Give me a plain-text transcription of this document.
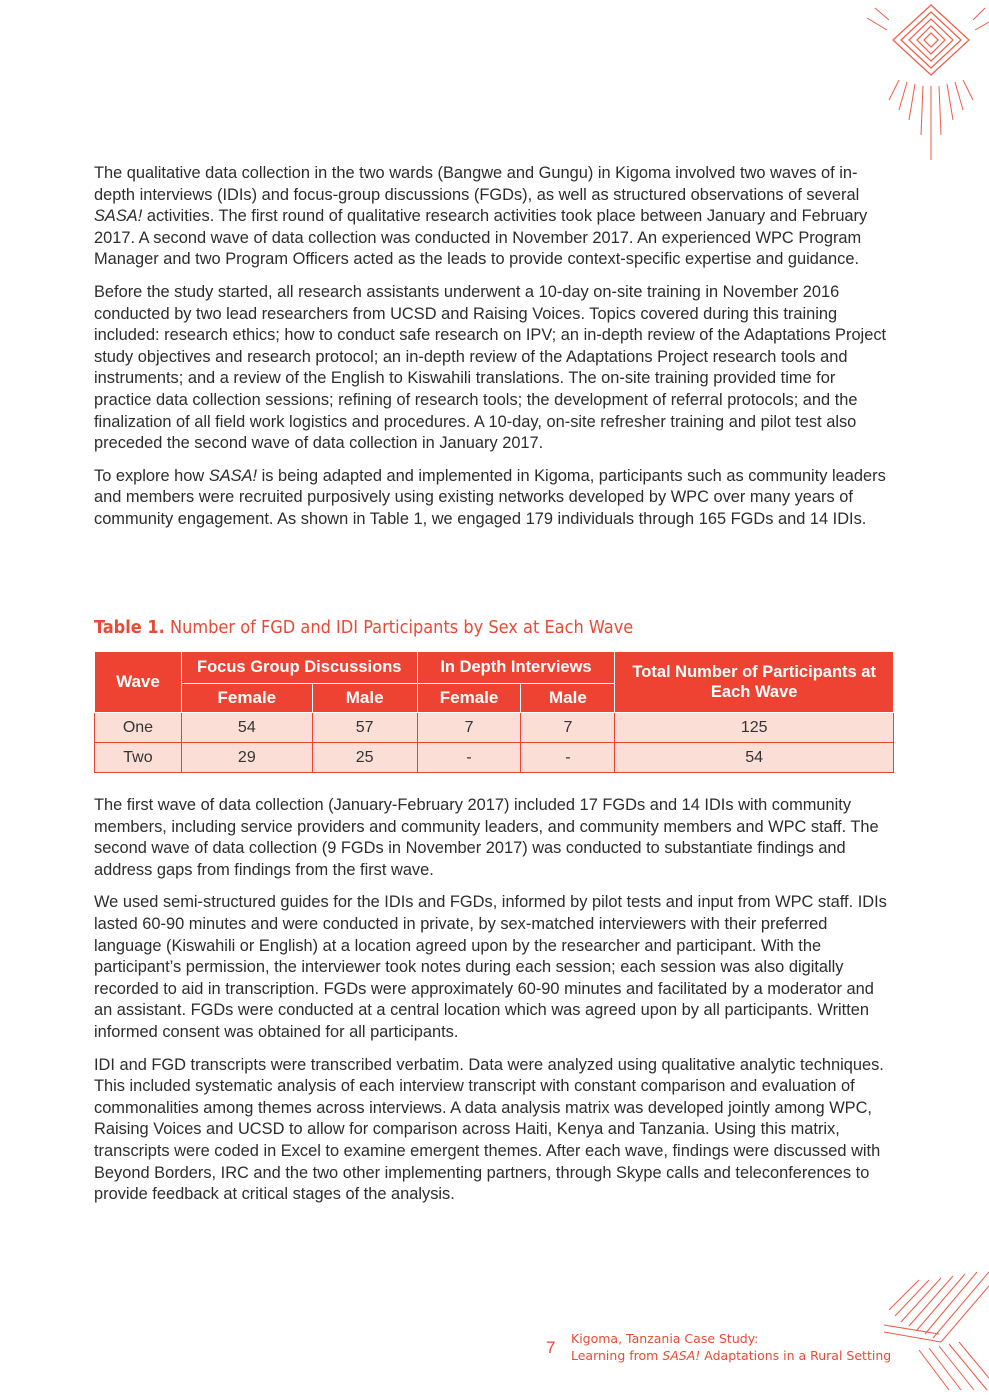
The qualitative data collection in the two wards (Bangwe and Gungu) in Kigoma involved two waves of in-depth interviews (IDIs) and focus-group discussions (FGDs), as well as structured observations of several SASA! activities. The first round of qualitative research activities took place between January and February 2017. A second wave of data collection was conducted in November 2017. An experienced WPC Program Manager and two Program Officers acted as the leads to provide context-specific expertise and guidance.

Before the study started, all research assistants underwent a 10-day on-site training in November 2016 conducted by two lead researchers from UCSD and Raising Voices. Topics covered during this training included: research ethics; how to conduct safe research on IPV; an in-depth review of the Adaptations Project study objectives and research protocol; an in-depth review of the Adaptations Project research tools and instruments; and a review of the English to Kiswahili translations. The on-site training provided time for practice data collection sessions; refining of research tools; the development of referral protocols; and the finalization of all field work logistics and procedures. A 10-day, on-site refresher training and pilot test also preceded the second wave of data collection in January 2017.

To explore how SASA! is being adapted and implemented in Kigoma, participants such as community leaders and members were recruited purposively using existing networks developed by WPC over many years of community engagement. As shown in Table 1, we engaged 179 individuals through 165 FGDs and 14 IDIs.

Table 1. Number of FGD and IDI Participants by Sex at Each Wave
Wave	Focus Group Discussions		In Depth Interviews		Total Number of Participants at Each Wave
	Female	Male	Female	Male	
One	54	57	7	7	125
Two	29	25	-	-	54

The first wave of data collection (January-February 2017) included 17 FGDs and 14 IDIs with community members, including service providers and community leaders, and community members and WPC staff. The second wave of data collection (9 FGDs in November 2017) was conducted to substantiate findings and address gaps from findings from the first wave.

We used semi-structured guides for the IDIs and FGDs, informed by pilot tests and input from WPC staff. IDIs lasted 60-90 minutes and were conducted in private, by sex-matched interviewers with their preferred language (Kiswahili or English) at a location agreed upon by the researcher and participant. With the participant’s permission, the interviewer took notes during each session; each session was also digitally recorded to aid in transcription. FGDs were approximately 60-90 minutes and facilitated by a moderator and an assistant. FGDs were conducted at a central location which was agreed upon by all participants. Written informed consent was obtained for all participants.

IDI and FGD transcripts were transcribed verbatim. Data were analyzed using qualitative analytic techniques. This included systematic analysis of each interview transcript with constant comparison and evaluation of commonalities among themes across interviews. A data analysis matrix was developed jointly among WPC, Raising Voices and UCSD to allow for comparison across Haiti, Kenya and Tanzania. Using this matrix, transcripts were coded in Excel to examine emergent themes. After each wave, findings were discussed with Beyond Borders, IRC and the two other implementing partners, through Skype calls and teleconferences to provide feedback at critical stages of the analysis.

7 Kigoma, Tanzania Case Study:
Learning from SASA! Adaptations in a Rural Setting
